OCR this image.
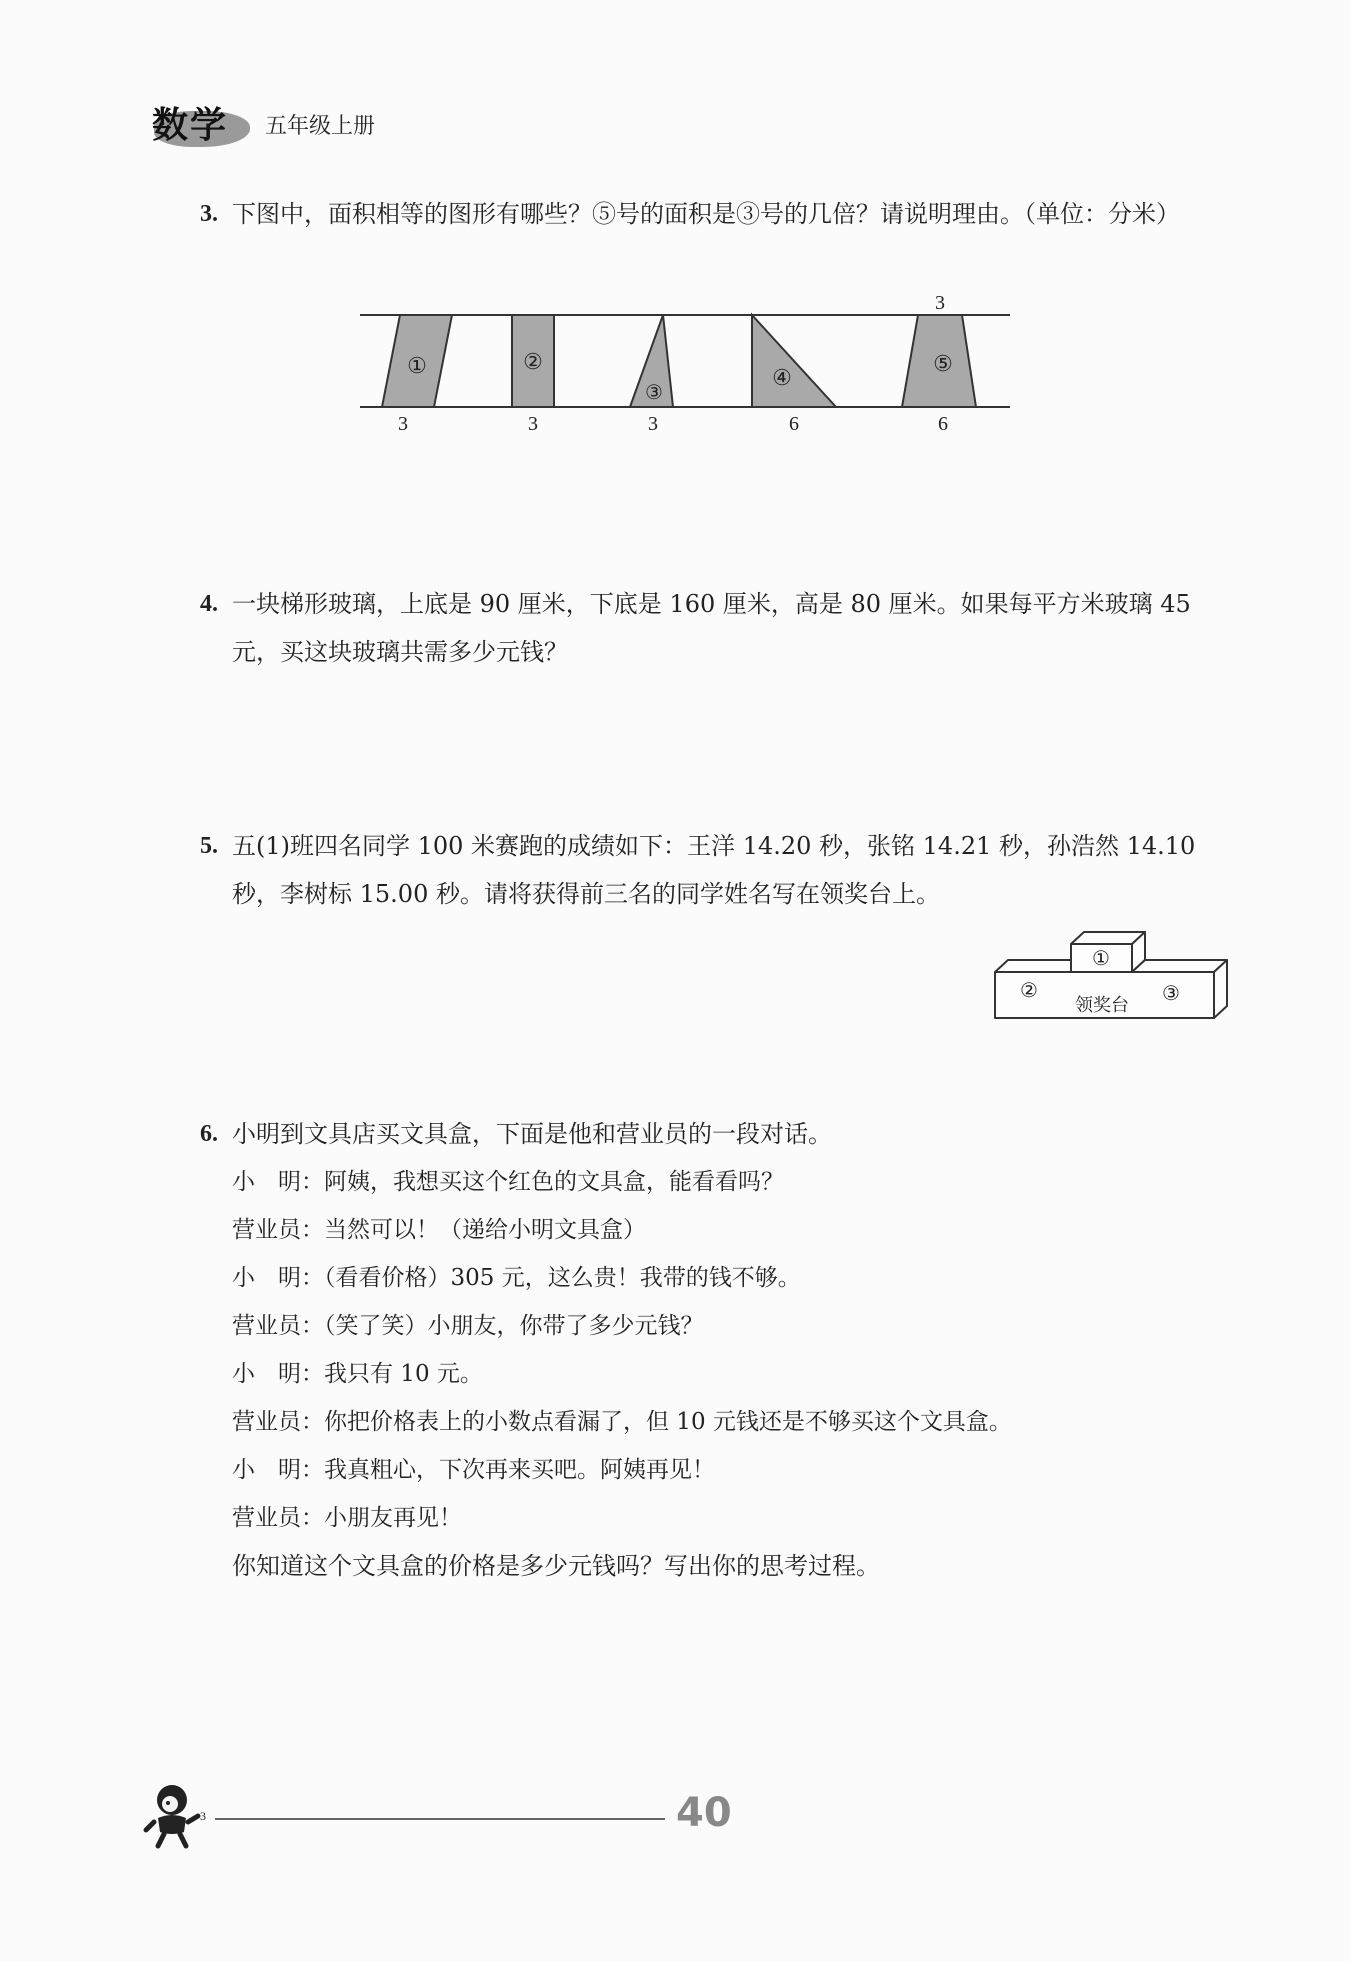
数学 五年级上册
3. 下图中，面积相等的图形有哪些？⑤号的面积是③号的几倍？请说明理由。（单位：分米）
3
①	②
③
④
⑤
3	3	3	6	6
4. 一块梯形玻璃，上底是 90 厘米，下底是 160 厘米，高是 80 厘米。如果每平方米玻璃 45 元，买这块玻璃共需多少元钱？
5. 五(1)班四名同学 100 米赛跑的成绩如下：王洋 14.20 秒，张铭 14.21 秒，孙浩然 14.10 秒，李树标 15.00 秒。请将获得前三名的同学姓名写在领奖台上。
①
②	③
领奖台
6. 小明到文具店买文具盒，下面是他和营业员的一段对话。
小　明：阿姨，我想买这个红色的文具盒，能看看吗？
营业员：当然可以！（递给小明文具盒）
小　明：（看看价格）305 元，这么贵！我带的钱不够。
营业员：（笑了笑）小朋友，你带了多少元钱？
小　明：我只有 10 元。
营业员：你把价格表上的小数点看漏了，但 10 元钱还是不够买这个文具盒。
小　明：我真粗心，下次再来买吧。阿姨再见！
营业员：小朋友再见！
你知道这个文具盒的价格是多少元钱吗？写出你的思考过程。
3	40
